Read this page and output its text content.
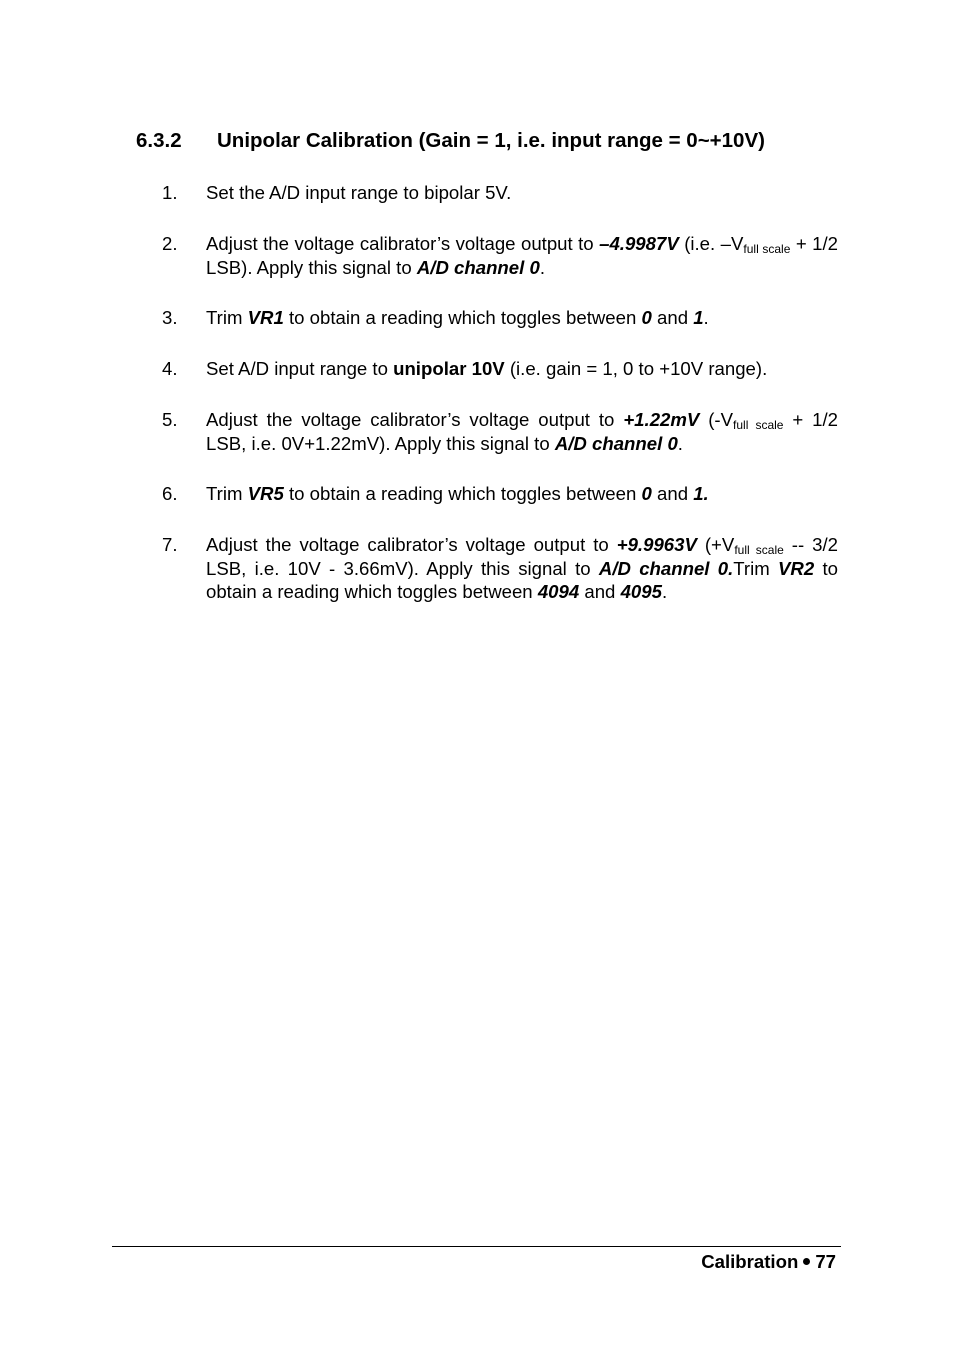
6.3.2 Unipolar Calibration (Gain = 1, i.e. input range = 0~+10V)
1. Set the A/D input range to bipolar 5V.
2. Adjust the voltage calibrator’s voltage output to –4.9987V (i.e. $-V_{full scale} + 1/2$ LSB). Apply this signal to A/D channel 0.
3. Trim VR1 to obtain a reading which toggles between 0 and 1.
4. Set A/D input range to unipolar 10V (i.e. gain = 1, 0 to +10V range).
5. Adjust the voltage calibrator’s voltage output to +1.22mV ($-V_{full scale} + 1/2$ LSB, i.e. 0V+1.22mV). Apply this signal to A/D channel 0.
6. Trim VR5 to obtain a reading which toggles between 0 and 1.
7. Adjust the voltage calibrator’s voltage output to +9.9963V ($+V_{full scale} -- 3/2$ LSB, i.e. 10V - 3.66mV). Apply this signal to A/D channel 0.Trim VR2 to obtain a reading which toggles between 4094 and 4095.
Calibration 77
